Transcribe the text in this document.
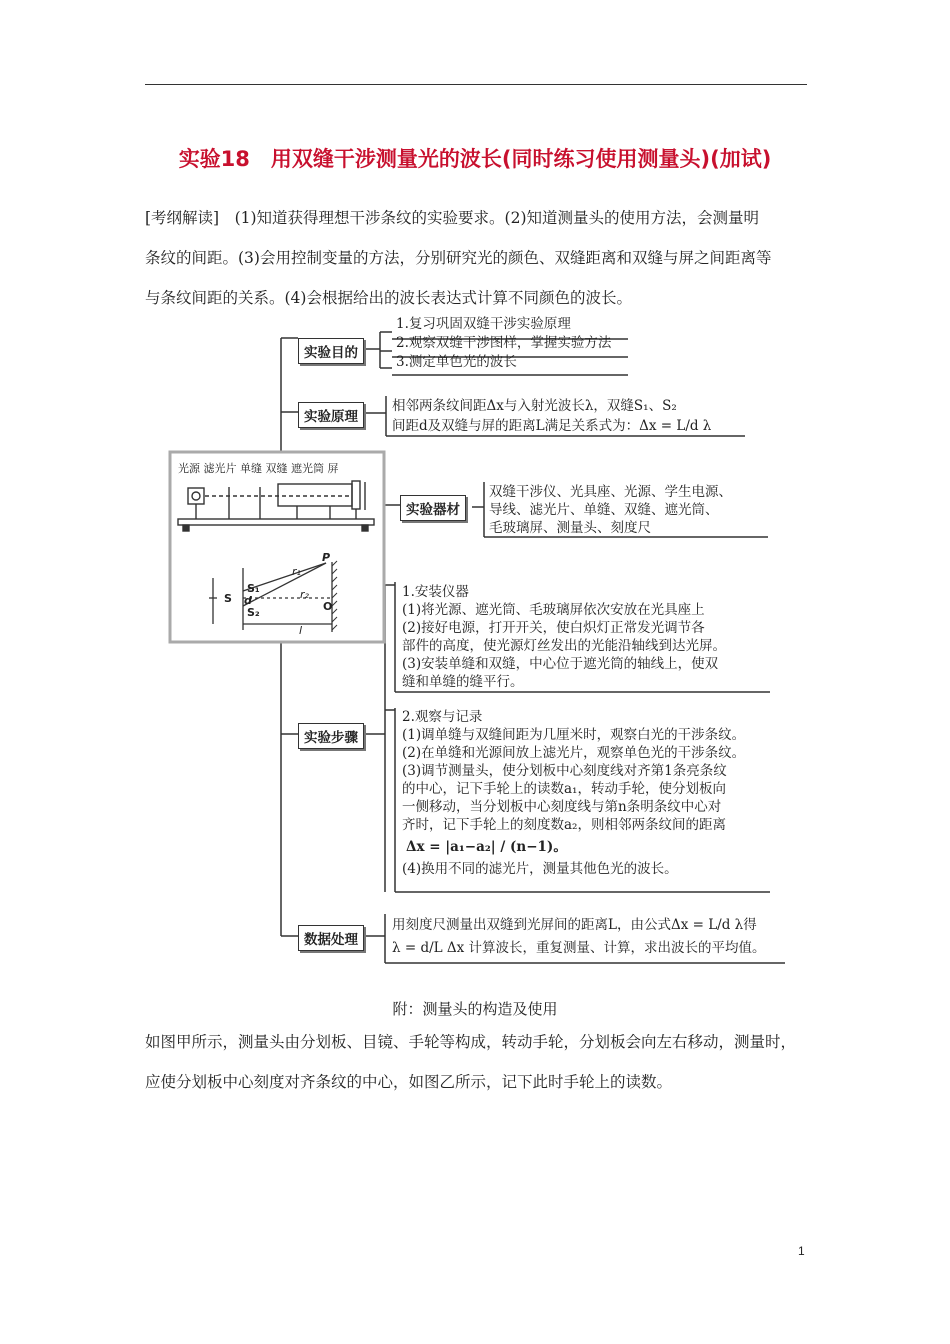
实验18　用双缝干涉测量光的波长(同时练习使用测量头)(加试)
[考纲解读]　(1)知道获得理想干涉条纹的实验要求。(2)知道测量头的使用方法，会测量明
条纹的间距。(3)会用控制变量的方法，分别研究光的颜色、双缝距离和双缝与屏之间距离等
与条纹间距的关系。(4)会根据给出的波长表达式计算不同颜色的波长。
光源 滤光片 单缝 双缝 遮光筒 屏
P
r₁
r₂
S
S₁
S₂
d	O
l
实验目的
实验原理
实验器材
实验步骤
数据处理
1.复习巩固双缝干涉实验原理
2.观察双缝干涉图样，掌握实验方法
3.测定单色光的波长
相邻两条纹间距Δx与入射光波长λ，双缝S₁、S₂
间距d及双缝与屏的距离L满足关系式为：Δx = L/d λ
双缝干涉仪、光具座、光源、学生电源、
导线、滤光片、单缝、双缝、遮光筒、
毛玻璃屏、测量头、刻度尺
1.安装仪器
(1)将光源、遮光筒、毛玻璃屏依次安放在光具座上
(2)接好电源，打开开关，使白炽灯正常发光调节各
部件的高度，使光源灯丝发出的光能沿轴线到达光屏。
(3)安装单缝和双缝，中心位于遮光筒的轴线上，使双
缝和单缝的缝平行。
2.观察与记录
(1)调单缝与双缝间距为几厘米时，观察白光的干涉条纹。
(2)在单缝和光源间放上滤光片，观察单色光的干涉条纹。
(3)调节测量头，使分划板中心刻度线对齐第1条亮条纹
的中心，记下手轮上的读数a₁，转动手轮，使分划板向
一侧移动，当分划板中心刻度线与第n条明条纹中心对
齐时，记下手轮上的刻度数a₂，则相邻两条纹间的距离
Δx = |a₁−a₂| / (n−1)。
(4)换用不同的滤光片，测量其他色光的波长。
用刻度尺测量出双缝到光屏间的距离L，由公式Δx = L/d λ得
λ = d/L Δx 计算波长，重复测量、计算，求出波长的平均值。
附：测量头的构造及使用
如图甲所示，测量头由分划板、目镜、手轮等构成，转动手轮，分划板会向左右移动，测量时，
应使分划板中心刻度对齐条纹的中心，如图乙所示，记下此时手轮上的读数。
1
